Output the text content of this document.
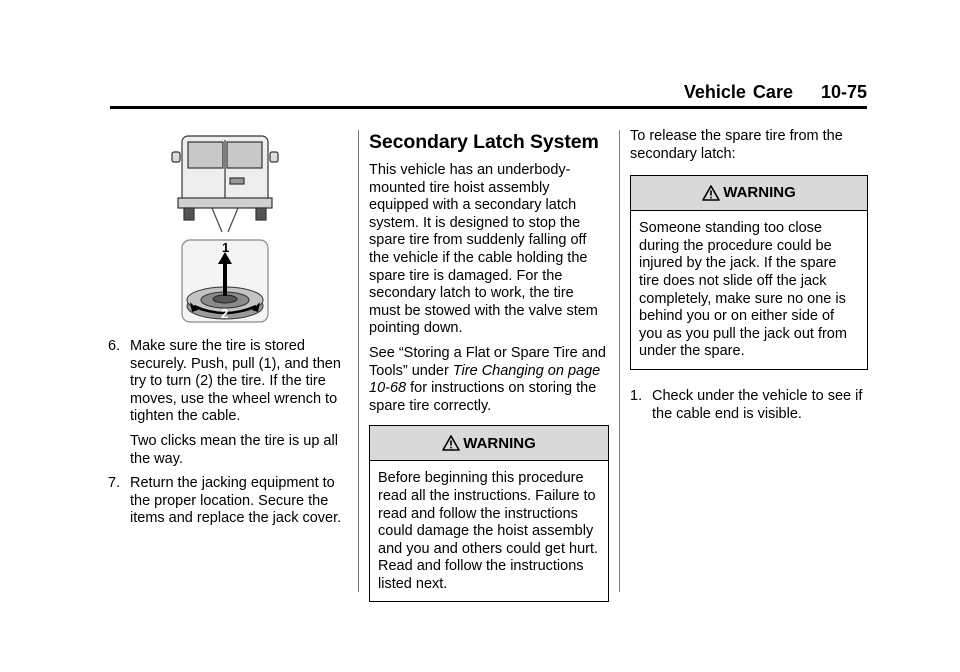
Vehicle Care    10-75
1
2
6. Make sure the tire is stored securely. Push, pull (1), and then try to turn (2) the tire. If the tire moves, use the wheel wrench to tighten the cable.

Two clicks mean the tire is up all the way.

7. Return the jacking equipment to the proper location. Secure the items and replace the jack cover.

Secondary Latch System

This vehicle has an underbody-mounted tire hoist assembly equipped with a secondary latch system. It is designed to stop the spare tire from suddenly falling off the vehicle if the cable holding the spare tire is damaged. For the secondary latch to work, the tire must be stowed with the valve stem pointing down.

See “Storing a Flat or Spare Tire and Tools” under Tire Changing on page 10‑68 for instructions on storing the spare tire correctly.

WARNING
Before beginning this procedure read all the instructions. Failure to read and follow the instructions could damage the hoist assembly and you and others could get hurt. Read and follow the instructions listed next.

To release the spare tire from the secondary latch:

WARNING
Someone standing too close during the procedure could be injured by the jack. If the spare tire does not slide off the jack completely, make sure no one is behind you or on either side of you as you pull the jack out from under the spare.
1. Check under the vehicle to see if the cable end is visible.
